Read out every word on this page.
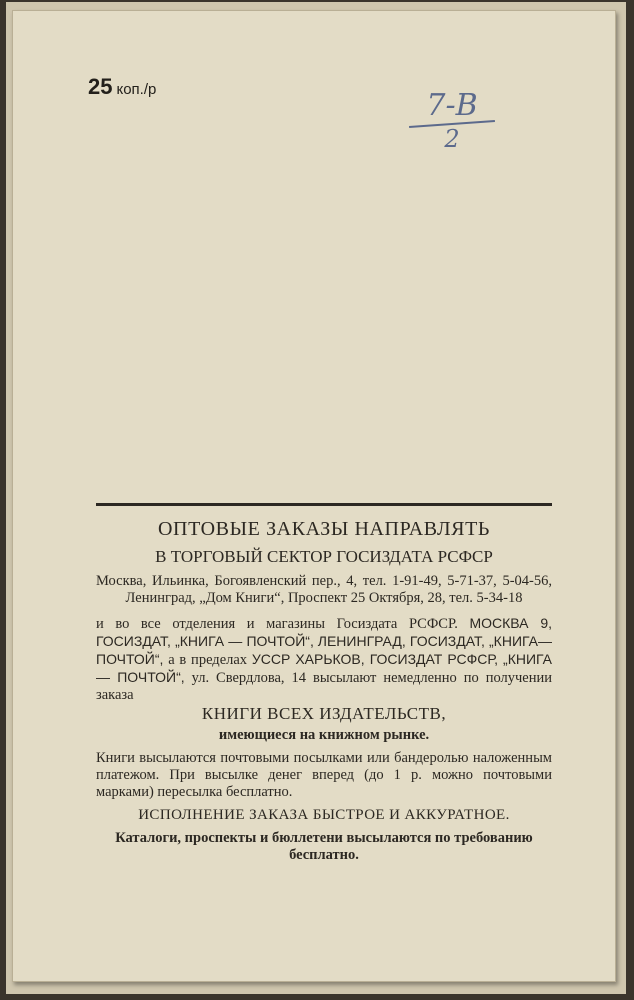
25 коп./р	7-В
2

ОПТОВЫЕ ЗАКАЗЫ НАПРАВЛЯТЬ

В ТОРГОВЫЙ СЕКТОР ГОСИЗДАТА РСФСР

Москва, Ильинка, Богоявленский пер., 4, тел. 1-91-49, 5-71-37, 5-04-56, Ленинград, „Дом Книги“, Проспект 25 Октября, 28, тел. 5-34-18

и во все отделения и магазины Госиздата РСФСР. МОСКВА 9, ГОСИЗДАТ, „КНИГА — ПОЧТОЙ“, ЛЕНИНГРАД, ГОСИЗДАТ, „КНИГА—ПОЧТОЙ“, а в пределах УССР ХАРЬКОВ, ГОСИЗДАТ РСФСР, „КНИГА — ПОЧТОЙ“, ул. Свердлова, 14 высылают немедленно по получении заказа

КНИГИ ВСЕХ ИЗДАТЕЛЬСТВ,

имеющиеся на книжном рынке.

Книги высылаются почтовыми посылками или бандеролью наложенным платежом. При высылке денег вперед (до 1 р. можно почтовыми марками) пересылка бесплатно.

ИСПОЛНЕНИЕ ЗАКАЗА БЫСТРОЕ И АККУРАТНОЕ.

Каталоги, проспекты и бюллетени высылаются по требованию бесплатно.
